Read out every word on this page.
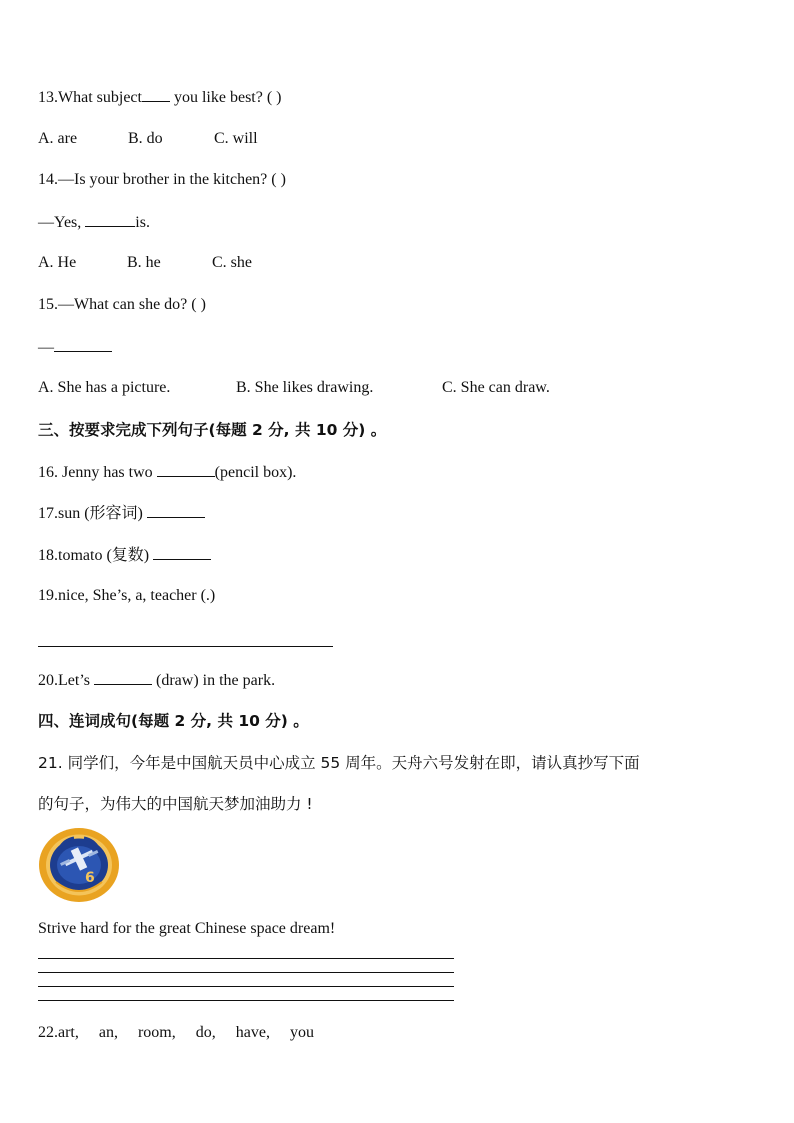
13.What subject you like best? ( )
A. are	B. do	C. will
14.—Is your brother in the kitchen? ( )
—Yes,	is.
A. He	B. he	C. she
15.—What can she do? ( )
—
A. She has a picture.	B. She likes drawing.	C. She can draw.
三、按要求完成下列句子(每题 2 分, 共 10 分) 。
16. Jenny has two	(pencil box).
17.sun (形容词)
18.tomato (复数)
19.nice, She’s, a, teacher (.)
20.Let’s	(draw) in the park.
四、连词成句(每题 2 分, 共 10 分) 。
21. 同学们，今年是中国航天员中心成立 55 周年。天舟六号发射在即，请认真抄写下面
的句子，为伟大的中国航天梦加油助力 !
6
Strive hard for the great Chinese space dream!
22.art,     an,     room,     do,     have,     you
